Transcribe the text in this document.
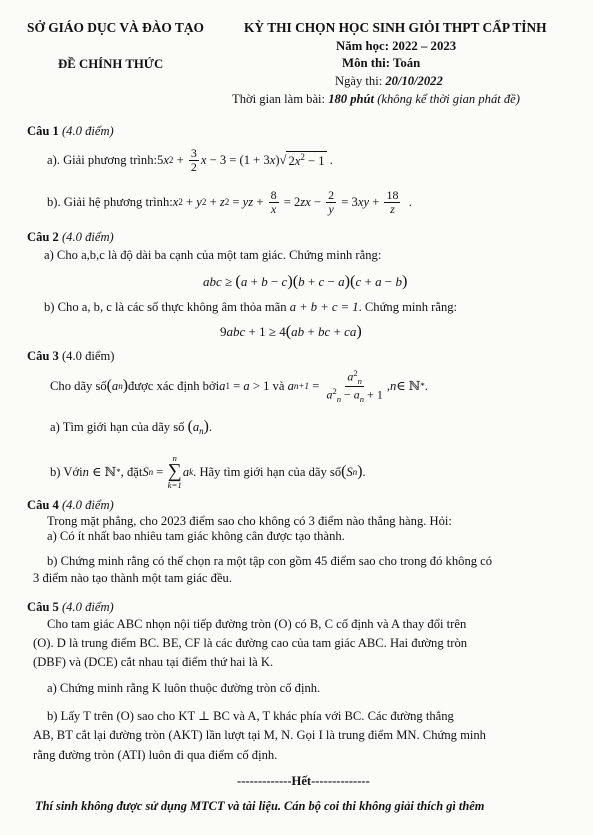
SỞ GIÁO DỤC VÀ ĐÀO TẠO	KỲ THI CHỌN HỌC SINH GIỎI THPT CẤP TỈNH
Năm học: 2022 – 2023
ĐỀ CHÍNH THỨC	Môn thi: Toán
Ngày thi: 20/10/2022
Thời gian làm bài: 180 phút (không kể thời gian phát đề)
Câu 1 (4.0 điểm)
a). Giải phương trình: 5 x $2 + \frac{3}{2}$ x − 3 = (1 + 3 x )√ $2x^2 - 1$ .
b). Giải hệ phương trình: x 2 + y 2 + z 2 = yz + $\frac{8}{x} = 2$ zx − $\frac{2}{y} = 3$ xy + $\frac{18}{z}$ .
Câu 2 (4.0 điểm)
a) Cho a,b,c là độ dài ba cạnh của một tam giác. Chứng minh rằng:
abc ≥ (a + b − c)(b + c − a)(c + a − b)
b) Cho a, b, c là các số thực không âm thỏa mãn a + b + c = 1. Chứng minh rằng:
9abc + 1 ≥ 4(ab + bc + ca)
Câu 3 (4.0 điểm)
Cho dãy số ( a n ) được xác định bởi a 1 = a > 1 và a $n+1 = \frac{a^2_n}{a^2_n - a_n + 1}$ , n ∈ ℕ * .
a) Tìm giới hạn của dãy số $(a_n)$.
b) Với n ∈ ℕ * , đặt S n =
n
∑
k=1
a k . Hãy tìm giới hạn của dãy số ( S n ) .
Câu 4 (4.0 điểm)
Trong mặt phẳng, cho 2023 điểm sao cho không có 3 điểm nào thẳng hàng. Hỏi:
a) Có ít nhất bao nhiêu tam giác không cân được tạo thành.
b) Chứng minh rằng có thể chọn ra một tập con gồm 45 điểm sao cho trong đó không có
3 điểm nào tạo thành một tam giác đều.
Câu 5 (4.0 điểm)
Cho tam giác ABC nhọn nội tiếp đường tròn (O) có B, C cố định và A thay đổi trên
(O). D là trung điểm BC. BE, CF là các đường cao của tam giác ABC. Hai đường tròn
(DBF) và (DCE) cắt nhau tại điểm thứ hai là K.
a) Chứng minh rằng K luôn thuộc đường tròn cố định.
b) Lấy T trên (O) sao cho KT ⊥ BC và A, T khác phía với BC. Các đường thẳng
AB, BT cắt lại đường tròn (AKT) lần lượt tại M, N. Gọi I là trung điểm MN. Chứng minh
rằng đường tròn (ATI) luôn đi qua điểm cố định.
-------------Hết--------------
Thí sinh không được sử dụng MTCT và tài liệu. Cán bộ coi thi không giải thích gì thêm
